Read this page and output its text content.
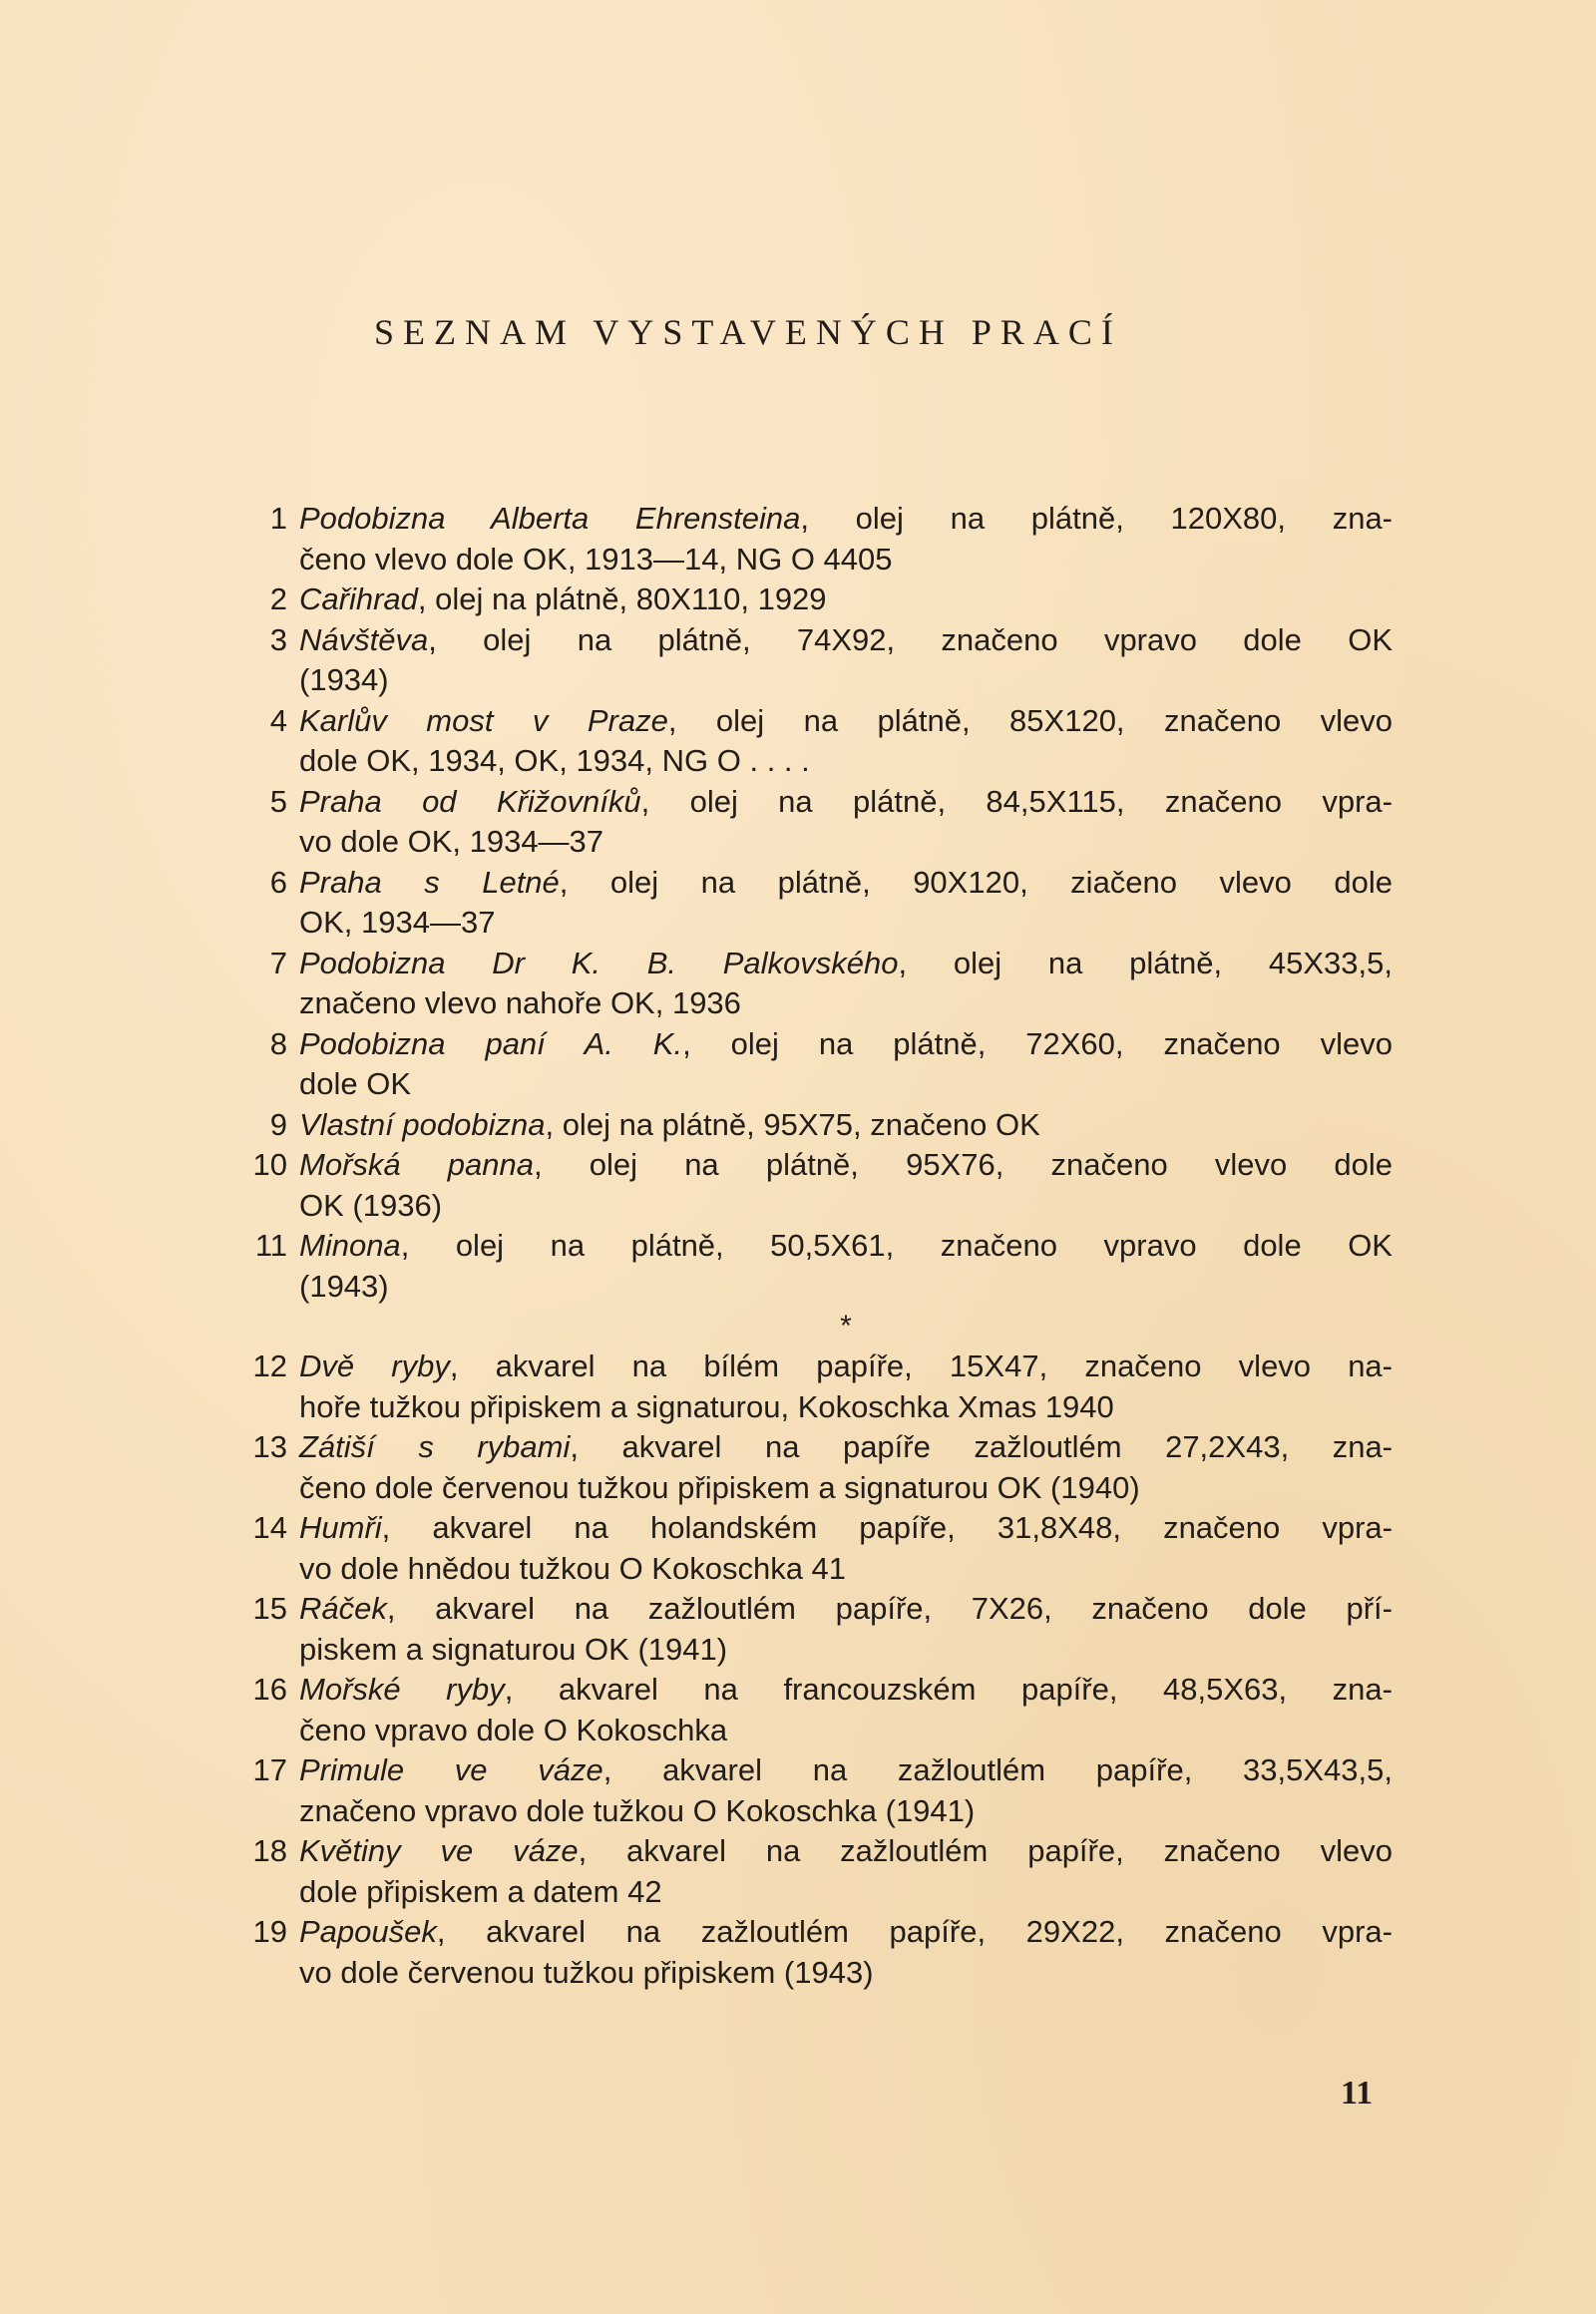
SEZNAM VYSTAVENÝCH PRACÍ
1 Podobizna Alberta Ehrensteina, olej na plátně, 120X80, zna-
čeno vlevo dole OK, 1913—14, NG O 4405
2 Cařihrad, olej na plátně, 80X110, 1929
3 Návštěva, olej na plátně, 74X92, značeno vpravo dole OK
(1934)
4 Karlův most v Praze, olej na plátně, 85X120, značeno vlevo
dole OK, 1934, OK, 1934, NG O . . . .
5 Praha od Křižovníků, olej na plátně, 84,5X115, značeno vpra-
vo dole OK, 1934—37
6 Praha s Letné, olej na plátně, 90X120, ziačeno vlevo dole
OK, 1934—37
7 Podobizna Dr K. B. Palkovského, olej na plátně, 45X33,5,
značeno vlevo nahoře OK, 1936
8 Podobizna paní A. K., olej na plátně, 72X60, značeno vlevo
dole OK
9 Vlastní podobizna, olej na plátně, 95X75, značeno OK
10 Mořská panna, olej na plátně, 95X76, značeno vlevo dole
OK (1936)
11 Minona, olej na plátně, 50,5X61, značeno vpravo dole OK
(1943)
*
12 Dvě ryby, akvarel na bílém papíře, 15X47, značeno vlevo na-
hoře tužkou připiskem a signaturou, Kokoschka Xmas 1940
13 Zátiší s rybami, akvarel na papíře zažloutlém 27,2X43, zna-
čeno dole červenou tužkou připiskem a signaturou OK (1940)
14 Humři, akvarel na holandském papíře, 31,8X48, značeno vpra-
vo dole hnědou tužkou O Kokoschka 41
15 Ráček, akvarel na zažloutlém papíře, 7X26, značeno dole pří-
piskem a signaturou OK (1941)
16 Mořské ryby, akvarel na francouzském papíře, 48,5X63, zna-
čeno vpravo dole O Kokoschka
17 Primule ve váze, akvarel na zažloutlém papíře, 33,5X43,5,
značeno vpravo dole tužkou O Kokoschka (1941)
18 Květiny ve váze, akvarel na zažloutlém papíře, značeno vlevo
dole připiskem a datem 42
19 Papoušek, akvarel na zažloutlém papíře, 29X22, značeno vpra-
vo dole červenou tužkou připiskem (1943)
11
